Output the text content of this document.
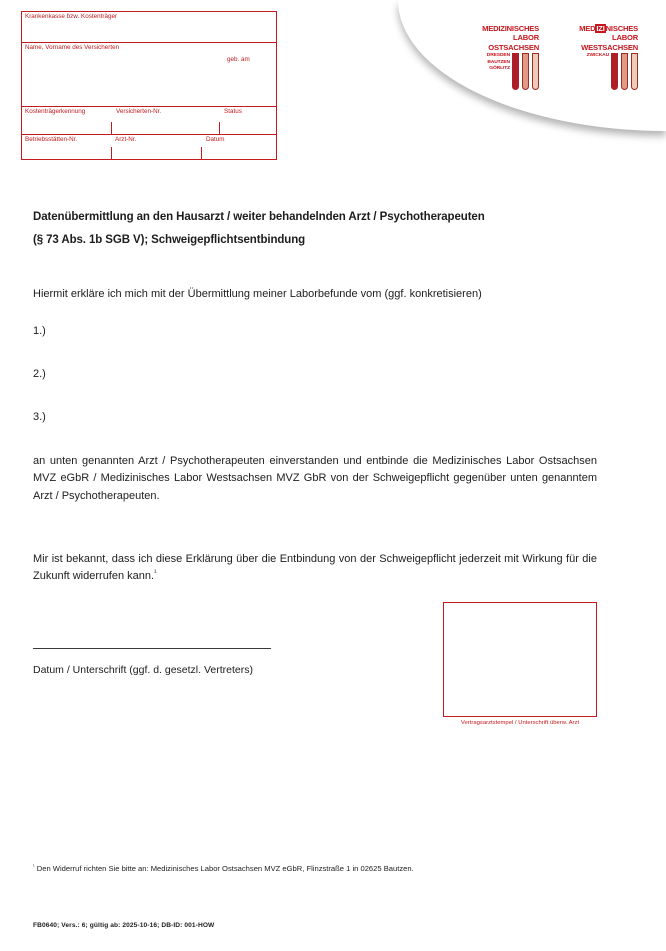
Krankenkasse bzw. Kostenträger
Name, Vorname des Versicherten
geb. am
Kostenträgerkennung	Versicherten-Nr.	Status
Betriebsstätten-Nr.	Arzt-Nr.	Datum
MEDIZINISCHES
LABOR
OSTSACHSEN
DRESDEN
BAUTZEN
GÖRLITZ
MEDIZINISCHES
LABOR
WESTSACHSEN
ZWICKAU
Datenübermittlung an den Hausarzt / weiter behandelnden Arzt / Psychotherapeuten
(§ 73 Abs. 1b SGB V); Schweigepflichtsentbindung
Hiermit erkläre ich mich mit der Übermittlung meiner Laborbefunde vom (ggf. konkretisieren)
1.)
2.)
3.)
an unten genannten Arzt / Psychotherapeuten einverstanden und entbinde die Medizinisches Labor Ostsachsen MVZ eGbR / Medizinisches Labor Westsachsen MVZ GbR von der Schweigepflicht gegenüber unten genanntem Arzt / Psychotherapeuten.
Mir ist bekannt, dass ich diese Erklärung über die Entbindung von der Schweigepflicht jederzeit mit Wirkung für die Zukunft widerrufen kann.$^{^1}$
Datum / Unterschrift (ggf. d. gesetzl. Vertreters)
Vertragsarztstempel / Unterschrift überw. Arzt
$^{^1}$ Den Widerruf richten Sie bitte an: Medizinisches Labor Ostsachsen MVZ eGbR, Flinzstraße 1 in 02625 Bautzen.
FB0640; Vers.: 6; gültig ab: 2025-10-16; DB-ID: 001-HOW
